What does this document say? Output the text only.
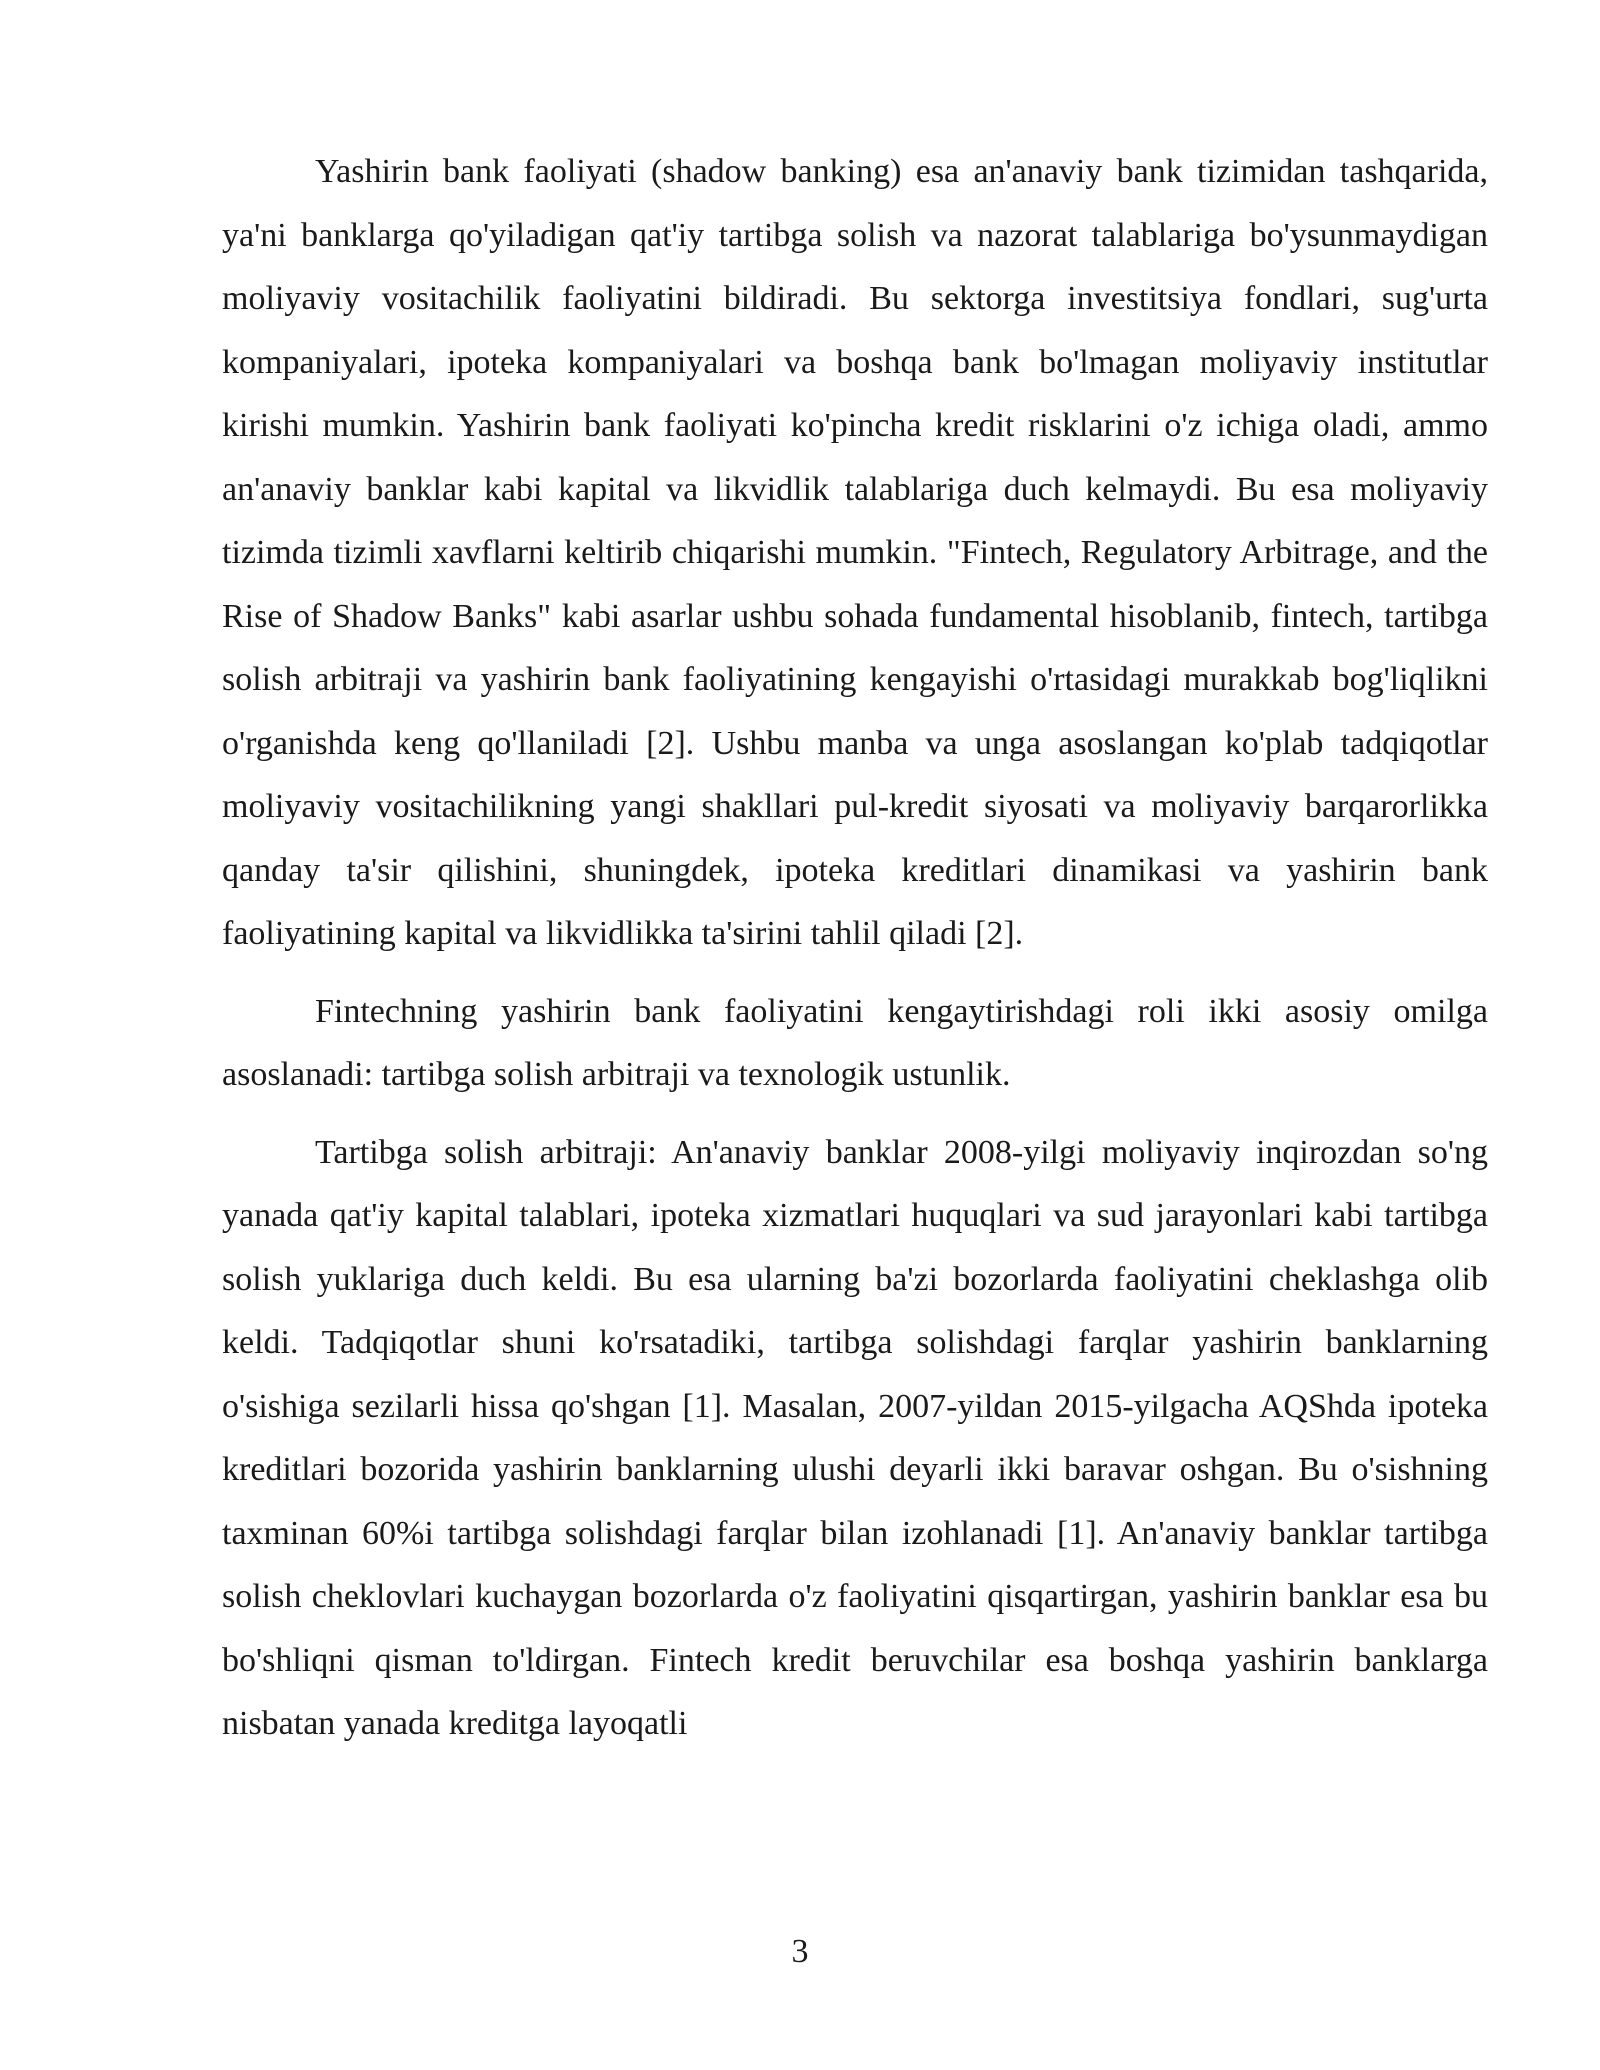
Yashirin bank faoliyati (shadow banking) esa an'anaviy bank tizimidan tashqarida, ya'ni banklarga qo'yiladigan qat'iy tartibga solish va nazorat talablariga bo'ysunmaydigan moliyaviy vositachilik faoliyatini bildiradi. Bu sektorga investitsiya fondlari, sug'urta kompaniyalari, ipoteka kompaniyalari va boshqa bank bo'lmagan moliyaviy institutlar kirishi mumkin. Yashirin bank faoliyati ko'pincha kredit risklarini o'z ichiga oladi, ammo an'anaviy banklar kabi kapital va likvidlik talablariga duch kelmaydi. Bu esa moliyaviy tizimda tizimli xavflarni keltirib chiqarishi mumkin. "Fintech, Regulatory Arbitrage, and the Rise of Shadow Banks" kabi asarlar ushbu sohada fundamental hisoblanib, fintech, tartibga solish arbitraji va yashirin bank faoliyatining kengayishi o'rtasidagi murakkab bog'liqlikni o'rganishda keng qo'llaniladi [2]. Ushbu manba va unga asoslangan ko'plab tadqiqotlar moliyaviy vositachilikning yangi shakllari pul-kredit siyosati va moliyaviy barqarorlikka qanday ta'sir qilishini, shuningdek, ipoteka kreditlari dinamikasi va yashirin bank faoliyatining kapital va likvidlikka ta'sirini tahlil qiladi [2].

Fintechning yashirin bank faoliyatini kengaytirishdagi roli ikki asosiy omilga asoslanadi: tartibga solish arbitraji va texnologik ustunlik.

Tartibga solish arbitraji: An'anaviy banklar 2008-yilgi moliyaviy inqirozdan so'ng yanada qat'iy kapital talablari, ipoteka xizmatlari huquqlari va sud jarayonlari kabi tartibga solish yuklariga duch keldi. Bu esa ularning ba'zi bozorlarda faoliyatini cheklashga olib keldi. Tadqiqotlar shuni ko'rsatadiki, tartibga solishdagi farqlar yashirin banklarning o'sishiga sezilarli hissa qo'shgan [1]. Masalan, 2007-yildan 2015-yilgacha AQShda ipoteka kreditlari bozorida yashirin banklarning ulushi deyarli ikki baravar oshgan. Bu o'sishning taxminan 60%i tartibga solishdagi farqlar bilan izohlanadi [1]. An'anaviy banklar tartibga solish cheklovlari kuchaygan bozorlarda o'z faoliyatini qisqartirgan, yashirin banklar esa bu bo'shliqni qisman to'ldirgan. Fintech kredit beruvchilar esa boshqa yashirin banklarga nisbatan yanada kreditga layoqatli

3
